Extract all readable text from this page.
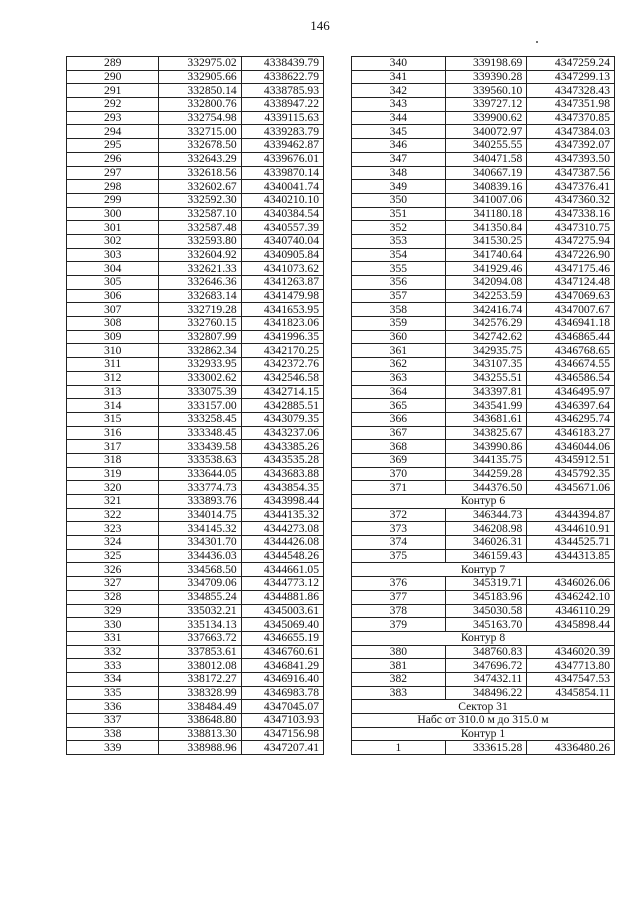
146
289	332975.02	4338439.79
290	332905.66	4338622.79
291	332850.14	4338785.93
292	332800.76	4338947.22
293	332754.98	4339115.63
294	332715.00	4339283.79
295	332678.50	4339462.87
296	332643.29	4339676.01
297	332618.56	4339870.14
298	332602.67	4340041.74
299	332592.30	4340210.10
300	332587.10	4340384.54
301	332587.48	4340557.39
302	332593.80	4340740.04
303	332604.92	4340905.84
304	332621.33	4341073.62
305	332646.36	4341263.87
306	332683.14	4341479.98
307	332719.28	4341653.95
308	332760.15	4341823.06
309	332807.99	4341996.35
310	332862.34	4342170.25
311	332933.95	4342372.76
312	333002.62	4342546.58
313	333075.39	4342714.15
314	333157.00	4342885.51
315	333258.45	4343079.35
316	333348.45	4343237.06
317	333439.58	4343385.26
318	333538.63	4343535.28
319	333644.05	4343683.88
320	333774.73	4343854.35
321	333893.76	4343998.44
322	334014.75	4344135.32
323	334145.32	4344273.08
324	334301.70	4344426.08
325	334436.03	4344548.26
326	334568.50	4344661.05
327	334709.06	4344773.12
328	334855.24	4344881.86
329	335032.21	4345003.61
330	335134.13	4345069.40
331	337663.72	4346655.19
332	337853.61	4346760.61
333	338012.08	4346841.29
334	338172.27	4346916.40
335	338328.99	4346983.78
336	338484.49	4347045.07
337	338648.80	4347103.93
338	338813.30	4347156.98
339	338988.96	4347207.41
340	339198.69	4347259.24
341	339390.28	4347299.13
342	339560.10	4347328.43
343	339727.12	4347351.98
344	339900.62	4347370.85
345	340072.97	4347384.03
346	340255.55	4347392.07
347	340471.58	4347393.50
348	340667.19	4347387.56
349	340839.16	4347376.41
350	341007.06	4347360.32
351	341180.18	4347338.16
352	341350.84	4347310.75
353	341530.25	4347275.94
354	341740.64	4347226.90
355	341929.46	4347175.46
356	342094.08	4347124.48
357	342253.59	4347069.63
358	342416.74	4347007.67
359	342576.29	4346941.18
360	342742.62	4346865.44
361	342935.75	4346768.65
362	343107.35	4346674.55
363	343255.51	4346586.54
364	343397.81	4346495.97
365	343541.99	4346397.64
366	343681.61	4346295.74
367	343825.67	4346183.27
368	343990.86	4346044.06
369	344135.75	4345912.51
370	344259.28	4345792.35
371	344376.50	4345671.06
Контур 6		
372	346344.73	4344394.87
373	346208.98	4344610.91
374	346026.31	4344525.71
375	346159.43	4344313.85
Контур 7		
376	345319.71	4346026.06
377	345183.96	4346242.10
378	345030.58	4346110.29
379	345163.70	4345898.44
Контур 8		
380	348760.83	4346020.39
381	347696.72	4347713.80
382	347432.11	4347547.53
383	348496.22	4345854.11
Сектор 31		
Набс от 310.0 м до 315.0 м		
Контур 1		
1	333615.28	4336480.26
